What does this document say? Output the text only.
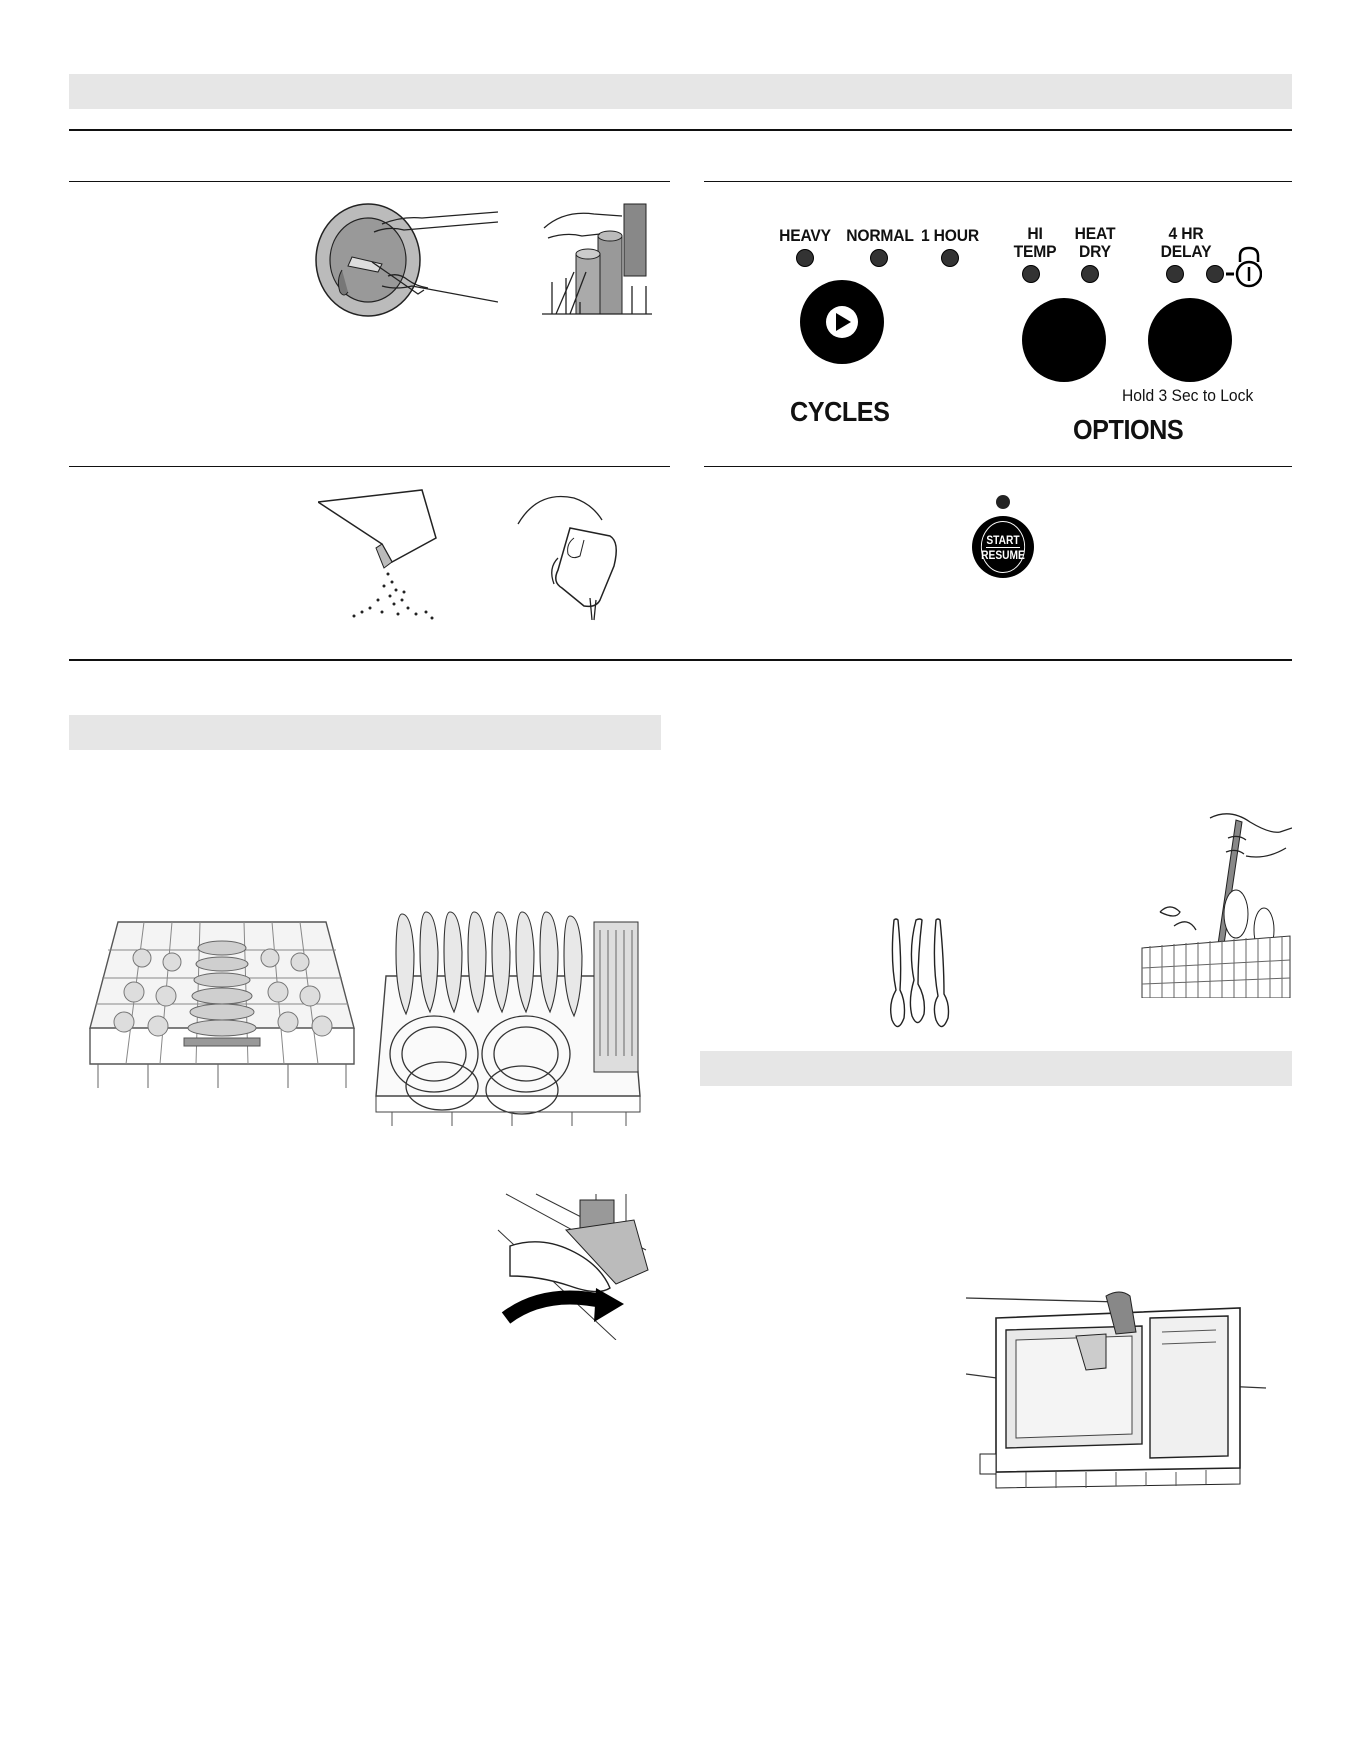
HEAVY NORMAL 1 HOUR
CYCLES
HI
TEMP
HEAT
DRY
4 HR
DELAY
Hold 3 Sec to Lock
OPTIONS
START
RESUME
